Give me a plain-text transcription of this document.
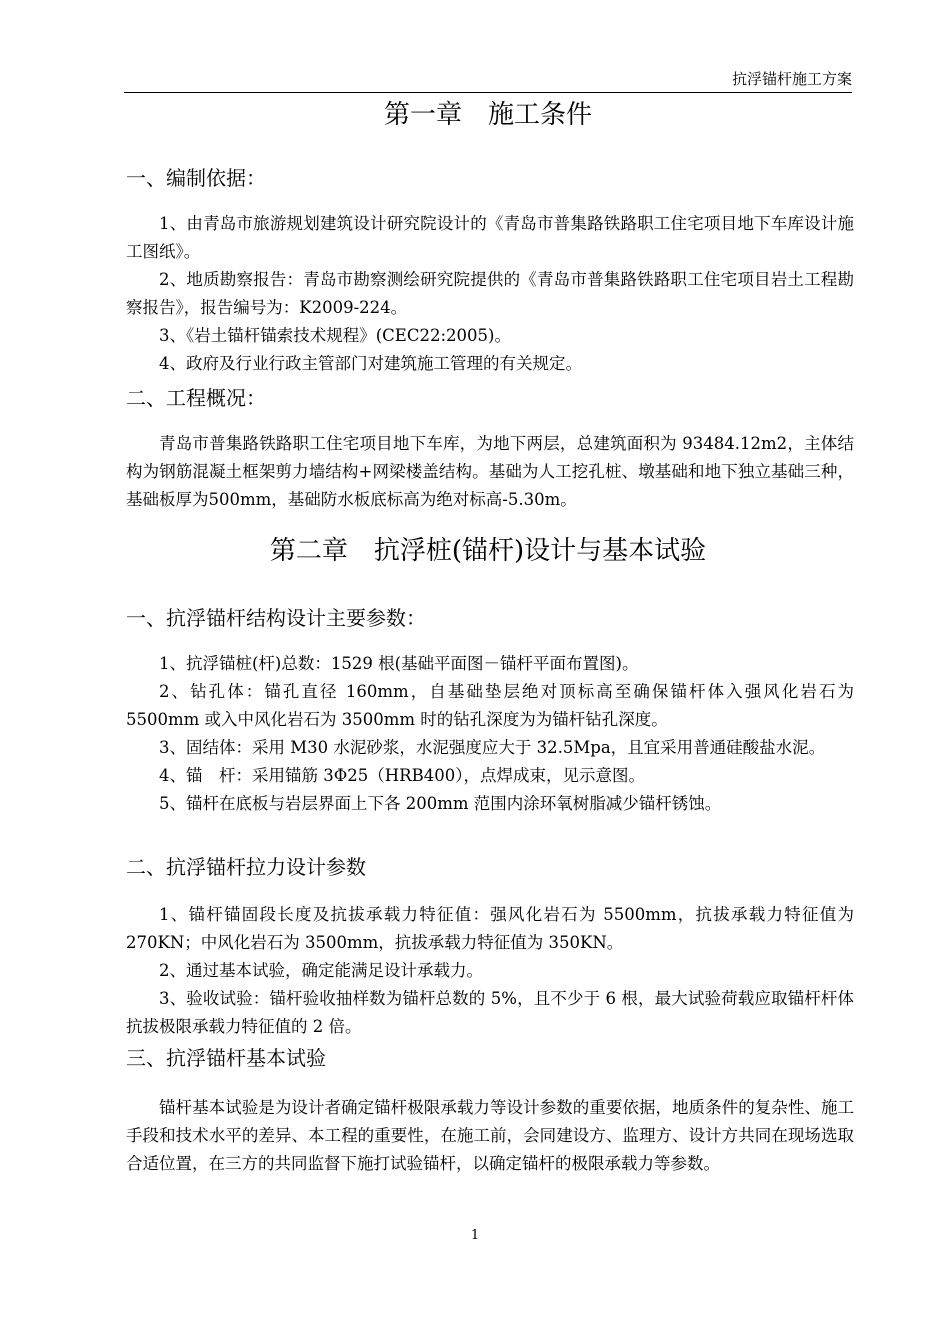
抗浮锚杆施工方案
第一章　施工条件
一、编制依据：

1、由青岛市旅游规划建筑设计研究院设计的《青岛市普集路铁路职工住宅项目地下车库设计施工图纸》。

2、地质勘察报告：青岛市勘察测绘研究院提供的《青岛市普集路铁路职工住宅项目岩土工程勘察报告》，报告编号为：K2009-224。

3、《岩土锚杆锚索技术规程》(CEC22:2005)。

4、政府及行业行政主管部门对建筑施工管理的有关规定。

二、工程概况：

青岛市普集路铁路职工住宅项目地下车库，为地下两层，总建筑面积为 93484.12m2，主体结构为钢筋混凝土框架剪力墙结构+网梁楼盖结构。基础为人工挖孔桩、墩基础和地下独立基础三种，基础板厚为500mm，基础防水板底标高为绝对标高-5.30m。

第二章　抗浮桩(锚杆)设计与基本试验
一、抗浮锚杆结构设计主要参数：

1、抗浮锚桩(杆)总数：1529 根(基础平面图－锚杆平面布置图)。

2、钻孔体：锚孔直径 160mm，自基础垫层绝对顶标高至确保锚杆体入强风化岩石为 5500mm 或入中风化岩石为 3500mm 时的钻孔深度为为锚杆钻孔深度。

3、固结体：采用 M30 水泥砂浆，水泥强度应大于 32.5Mpa，且宜采用普通硅酸盐水泥。

4、锚　杆：采用锚筋 3Φ25（HRB400），点焊成束，见示意图。

5、锚杆在底板与岩层界面上下各 200mm 范围内涂环氧树脂减少锚杆锈蚀。

二、抗浮锚杆拉力设计参数

1、锚杆锚固段长度及抗拔承载力特征值：强风化岩石为 5500mm，抗拔承载力特征值为270KN；中风化岩石为 3500mm，抗拔承载力特征值为 350KN。

2、通过基本试验，确定能满足设计承载力。

3、验收试验：锚杆验收抽样数为锚杆总数的 5%，且不少于 6 根，最大试验荷载应取锚杆杆体抗拔极限承载力特征值的 2 倍。

三、抗浮锚杆基本试验

锚杆基本试验是为设计者确定锚杆极限承载力等设计参数的重要依据，地质条件的复杂性、施工手段和技术水平的差异、本工程的重要性，在施工前，会同建设方、监理方、设计方共同在现场选取合适位置，在三方的共同监督下施打试验锚杆，以确定锚杆的极限承载力等参数。

1
